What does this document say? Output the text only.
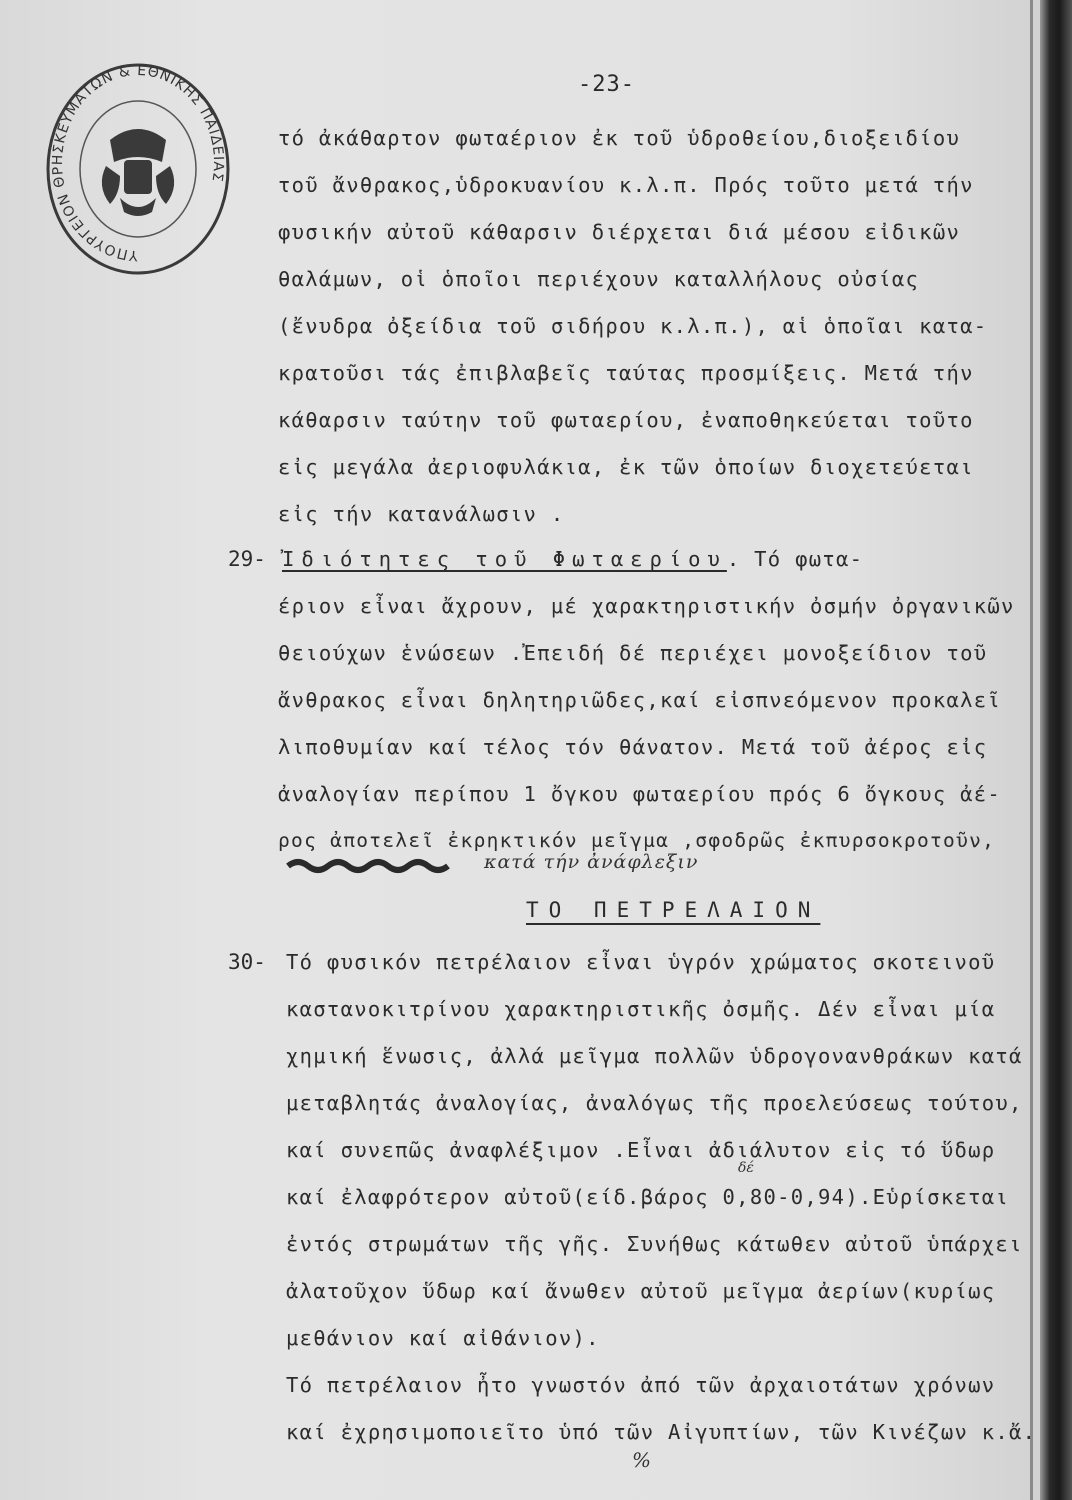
ΥΠΟΥΡΓΕΙΟΝ ΘΡΗΣΚΕΥΜΑΤΩΝ & ΕΘΝΙΚΗΣ ΠΑΙΔΕΙΑΣ
-23-
τό ἀκάθαρτον φωταέριον ἐκ τοῦ ὑδροθείου,διοξειδίου
τοῦ ἄνθρακος,ὑδροκυανίου κ.λ.π. Πρός τοῦτο μετά τήν
φυσικήν αὐτοῦ κάθαρσιν διέρχεται διά μέσου εἰδικῶν
θαλάμων, οἱ ὁποῖοι περιέχουν καταλλήλους οὐσίας
(ἔνυδρα ὀξείδια τοῦ σιδήρου κ.λ.π.), αἱ ὁποῖαι κατα-
κρατοῦσι τάς ἐπιβλαβεῖς ταύτας προσμίξεις. Μετά τήν
κάθαρσιν ταύτην τοῦ φωταερίου, ἐναποθηκεύεται τοῦτο
εἰς μεγάλα ἀεριοφυλάκια, ἐκ τῶν ὁποίων διοχετεύεται
εἰς τήν κατανάλωσιν .
29- Ἰδιότητες τοῦ Φωταερίου. Τό φωτα-
έριον εἶναι ἄχρουν, μέ χαρακτηριστικήν ὀσμήν ὀργανικῶν
θειούχων ἑνώσεων .Ἐπειδή δέ περιέχει μονοξείδιον τοῦ
ἄνθρακος εἶναι δηλητηριῶδες,καί εἰσπνεόμενον προκαλεῖ
λιποθυμίαν καί τέλος τόν θάνατον. Μετά τοῦ ἀέρος εἰς
ἀναλογίαν περίπου 1 ὄγκου φωταερίου πρός 6 ὄγκους ἀέ-
ρος ἀποτελεῖ ἐκρηκτικόν μεῖγμα ,σφοδρῶς ἐκπυρσοκροτοῦν,
κατά τήν ἀνάφλεξιν
ΤΟ ΠΕΤΡΕΛΑΙΟΝ
30- Τό φυσικόν πετρέλαιον εἶναι ὑγρόν χρώματος σκοτεινοῦ
καστανοκιτρίνου χαρακτηριστικῆς ὀσμῆς. Δέν εἶναι μία
χημική ἕνωσις, ἀλλά μεῖγμα πολλῶν ὑδρογονανθράκων κατά
μεταβλητάς ἀναλογίας, ἀναλόγως τῆς προελεύσεως τούτου,
καί συνεπῶς ἀναφλέξιμον .Εἶναι ἀδιάλυτον εἰς τό ὕδωρ
δέ
καί ἐλαφρότερον αὐτοῦ(είδ.βάρος 0,80-0,94).Εὑρίσκεται
ἐντός στρωμάτων τῆς γῆς. Συνήθως κάτωθεν αὐτοῦ ὑπάρχει
ἀλατοῦχον ὕδωρ καί ἄνωθεν αὐτοῦ μεῖγμα ἀερίων(κυρίως
μεθάνιον καί αἰθάνιον).
Τό πετρέλαιον ἦτο γνωστόν ἀπό τῶν ἀρχαιοτάτων χρόνων
καί ἐχρησιμοποιεῖτο ὑπό τῶν Αἰγυπτίων, τῶν Κινέζων κ.ἄ.
%
